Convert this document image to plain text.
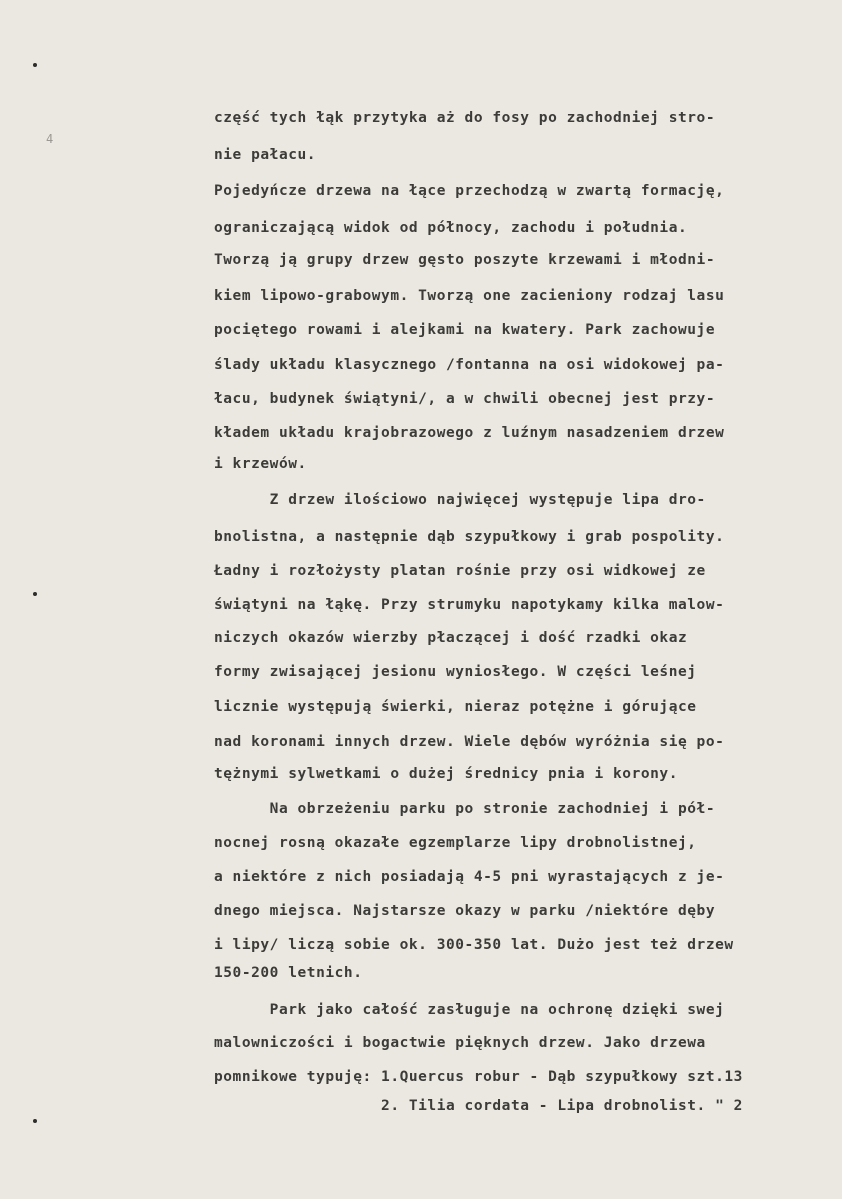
4
część tych łąk przytyka aż do fosy po zachodniej stro-
nie pałacu.
Pojedyńcze drzewa na łące przechodzą w zwartą formację,
ograniczającą widok od północy, zachodu i południa.
Tworzą ją grupy drzew gęsto poszyte krzewami i młodni-
kiem lipowo-grabowym. Tworzą one zacieniony rodzaj lasu
pociętego rowami i alejkami na kwatery. Park zachowuje
ślady układu klasycznego /fontanna na osi widokowej pa-
łacu, budynek świątyni/, a w chwili obecnej jest przy-
kładem układu krajobrazowego z luźnym nasadzeniem drzew
i krzewów.
Z drzew ilościowo najwięcej występuje lipa dro-
bnolistna, a następnie dąb szypułkowy i grab pospolity.
Ładny i rozłożysty platan rośnie przy osi widkowej ze
świątyni na łąkę. Przy strumyku napotykamy kilka malow-
niczych okazów wierzby płaczącej i dość rzadki okaz
formy zwisającej jesionu wyniosłego. W części leśnej
licznie występują świerki, nieraz potężne i górujące
nad koronami innych drzew. Wiele dębów wyróżnia się po-
tężnymi sylwetkami o dużej średnicy pnia i korony.
Na obrzeżeniu parku po stronie zachodniej i pół-
nocnej rosną okazałe egzemplarze lipy drobnolistnej,
a niektóre z nich posiadają 4-5 pni wyrastających z je-
dnego miejsca. Najstarsze okazy w parku /niektóre dęby
i lipy/ liczą sobie ok. 300-350 lat. Dużo jest też drzew
150-200 letnich.
Park jako całość zasługuje na ochronę dzięki swej
malowniczości i bogactwie pięknych drzew. Jako drzewa
pomnikowe typuję: 1.Quercus robur - Dąb szypułkowy szt.13
2. Tilia cordata - Lipa drobnolist. " 2
